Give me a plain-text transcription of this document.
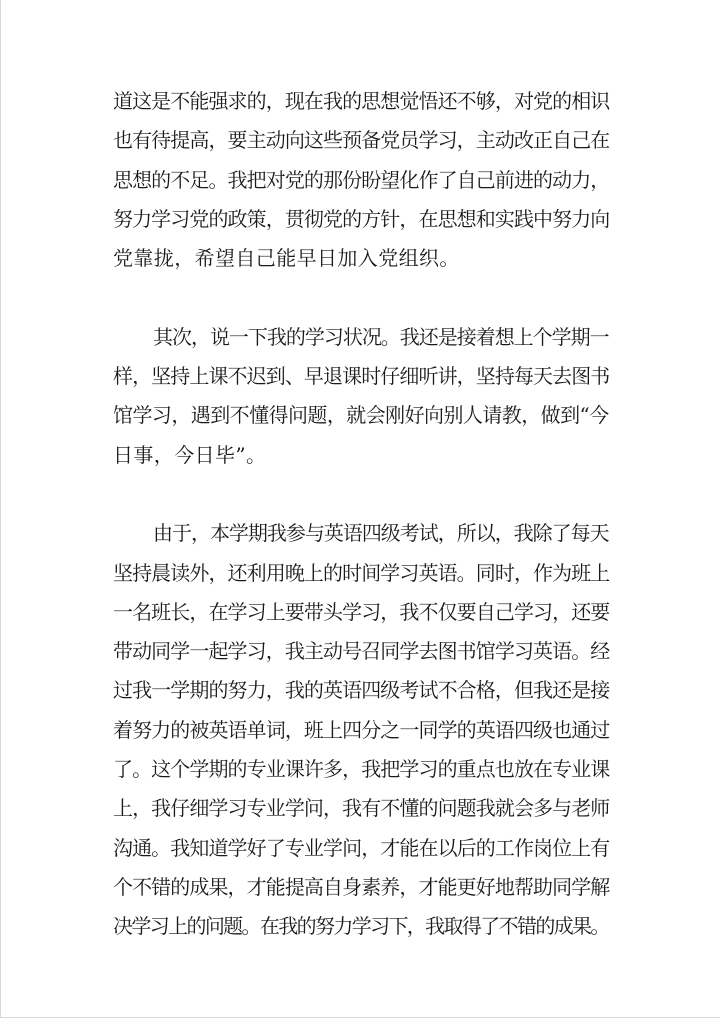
道这是不能强求的，现在我的思想觉悟还不够，对党的相识
也有待提高，要主动向这些预备党员学习，主动改正自己在
思想的不足。我把对党的那份盼望化作了自己前进的动力，
努力学习党的政策，贯彻党的方针，在思想和实践中努力向
党靠拢，希望自己能早日加入党组织。

其次，说一下我的学习状况。我还是接着想上个学期一
样，坚持上课不迟到、早退课时仔细听讲，坚持每天去图书
馆学习，遇到不懂得问题，就会刚好向别人请教，做到“今
日事，今日毕”。

由于，本学期我参与英语四级考试，所以，我除了每天
坚持晨读外，还利用晚上的时间学习英语。同时，作为班上
一名班长，在学习上要带头学习，我不仅要自己学习，还要
带动同学一起学习，我主动号召同学去图书馆学习英语。经
过我一学期的努力，我的英语四级考试不合格，但我还是接
着努力的被英语单词，班上四分之一同学的英语四级也通过
了。这个学期的专业课许多，我把学习的重点也放在专业课
上，我仔细学习专业学问，我有不懂的问题我就会多与老师
沟通。我知道学好了专业学问，才能在以后的工作岗位上有
个不错的成果，才能提高自身素养，才能更好地帮助同学解
决学习上的问题。在我的努力学习下，我取得了不错的成果。
